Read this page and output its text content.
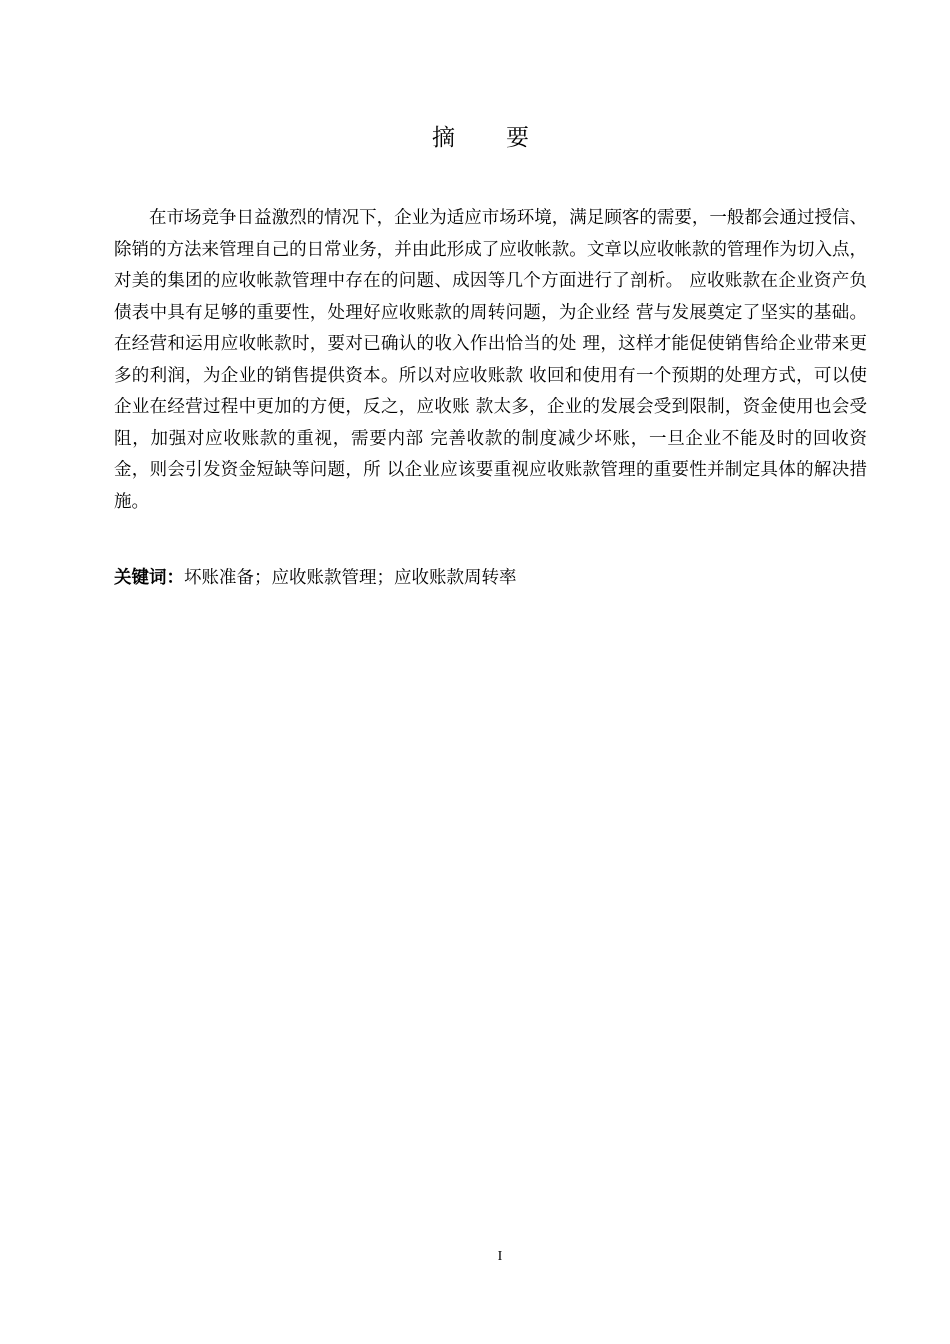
摘　要

在市场竞争日益激烈的情况下，企业为适应市场环境，满足顾客的需要，一般都会通过授信、除销的方法来管理自己的日常业务，并由此形成了应收帐款。文章以应收帐款的管理作为切入点，对美的集团的应收帐款管理中存在的问题、成因等几个方面进行了剖析。 应收账款在企业资产负债表中具有足够的重要性，处理好应收账款的周转问题，为企业经 营与发展奠定了坚实的基础。在经营和运用应收帐款时，要对已确认的收入作出恰当的处 理，这样才能促使销售给企业带来更多的利润，为企业的销售提供资本。所以对应收账款 收回和使用有一个预期的处理方式，可以使企业在经营过程中更加的方便，反之，应收账 款太多，企业的发展会受到限制，资金使用也会受阻，加强对应收账款的重视，需要内部 完善收款的制度减少坏账，一旦企业不能及时的回收资金，则会引发资金短缺等问题，所 以企业应该要重视应收账款管理的重要性并制定具体的解决措施。

关键词：坏账准备；应收账款管理；应收账款周转率
I
